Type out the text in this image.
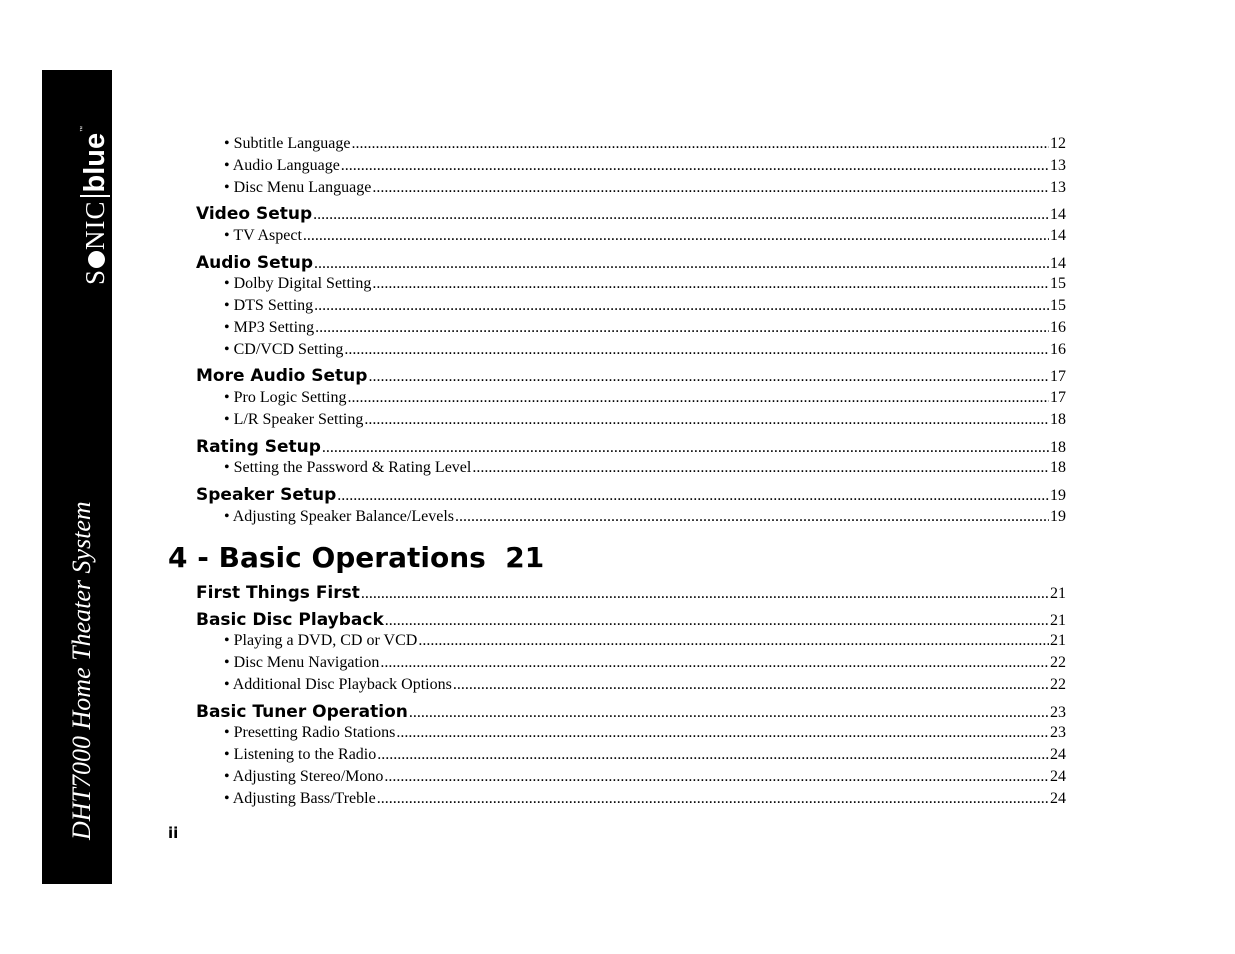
S
NIC
blue
™
DHT7000 Home Theater System
• Subtitle Language .....	12
• Audio Language .....	13
• Disc Menu Language .....	13
Video Setup .....	14
• TV Aspect .....	14
Audio Setup .....	14
• Dolby Digital Setting .....	15
• DTS Setting .....	15
• MP3 Setting .....	16
• CD/VCD Setting .....	16
More Audio Setup .....	17
• Pro Logic Setting .....	17
• L/R Speaker Setting .....	18
Rating Setup .....	18
• Setting the Password & Rating Level .....	18
Speaker Setup .....	19
• Adjusting Speaker Balance/Levels .....	19
4 - Basic Operations  21
First Things First .....	21
Basic Disc Playback .....	21
• Playing a DVD, CD or VCD .....	21
• Disc Menu Navigation .....	22
• Additional Disc Playback Options .....	22
Basic Tuner Operation .....	23
• Presetting Radio Stations .....	23
• Listening to the Radio .....	24
• Adjusting Stereo/Mono .....	24
• Adjusting Bass/Treble .....	24
ii
